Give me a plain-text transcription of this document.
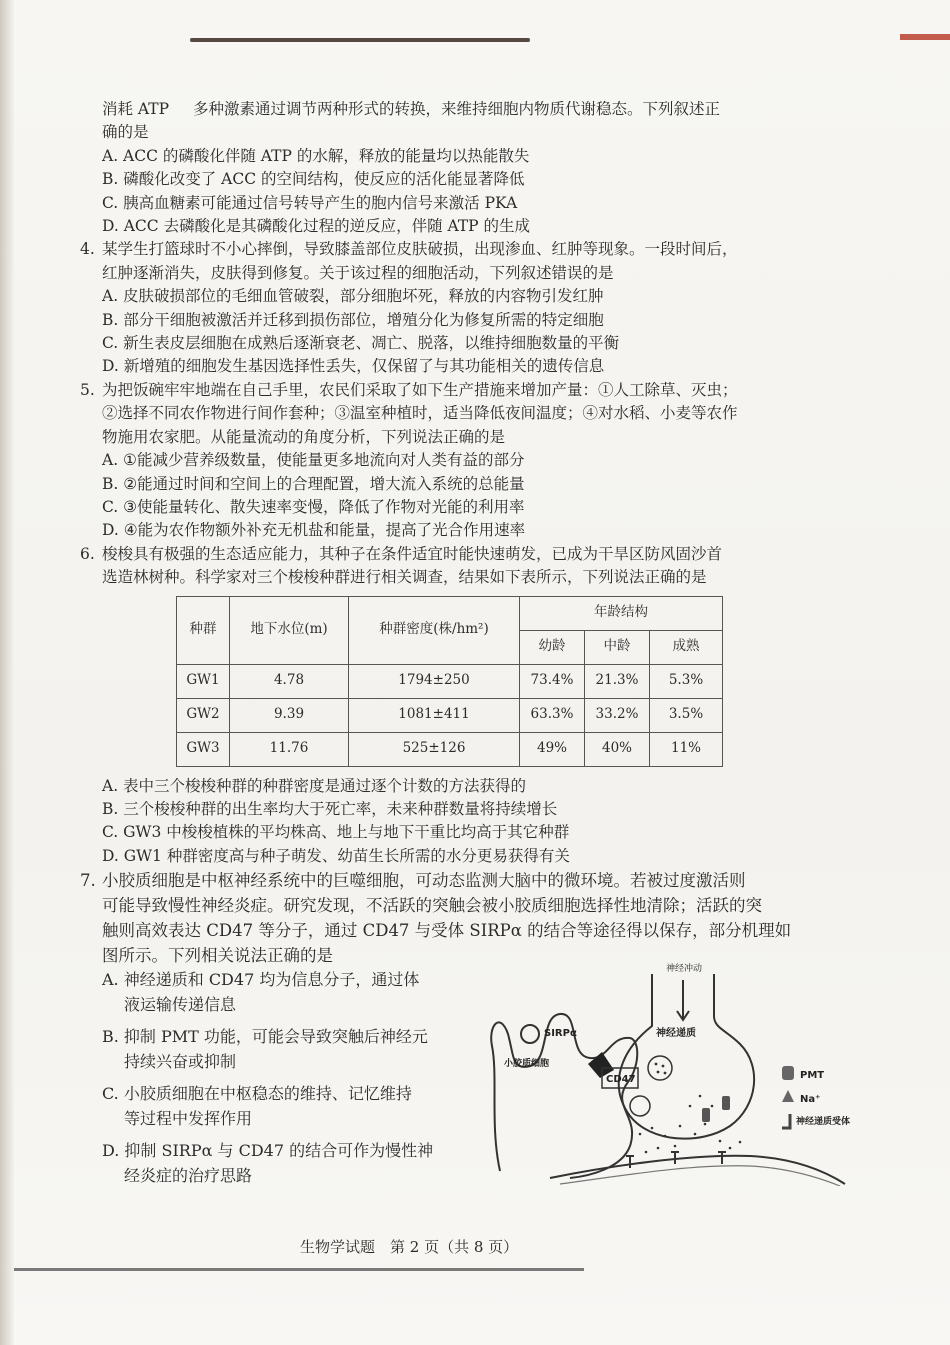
消耗 ATP 多种激素通过调节两种形式的转换，来维持细胞内物质代谢稳态。下列叙述正
确的是
A. ACC 的磷酸化伴随 ATP 的水解，释放的能量均以热能散失
B. 磷酸化改变了 ACC 的空间结构，使反应的活化能显著降低
C. 胰高血糖素可能通过信号转导产生的胞内信号来激活 PKA
D. ACC 去磷酸化是其磷酸化过程的逆反应，伴随 ATP 的生成
4. 某学生打篮球时不小心摔倒，导致膝盖部位皮肤破损，出现渗血、红肿等现象。一段时间后，
红肿逐渐消失，皮肤得到修复。关于该过程的细胞活动，下列叙述错误的是
A. 皮肤破损部位的毛细血管破裂，部分细胞坏死，释放的内容物引发红肿
B. 部分干细胞被激活并迁移到损伤部位，增殖分化为修复所需的特定细胞
C. 新生表皮层细胞在成熟后逐渐衰老、凋亡、脱落，以维持细胞数量的平衡
D. 新增殖的细胞发生基因选择性丢失，仅保留了与其功能相关的遗传信息
5. 为把饭碗牢牢地端在自己手里，农民们采取了如下生产措施来增加产量：①人工除草、灭虫；
②选择不同农作物进行间作套种；③温室种植时，适当降低夜间温度；④对水稻、小麦等农作
物施用农家肥。从能量流动的角度分析，下列说法正确的是
A. ①能减少营养级数量，使能量更多地流向对人类有益的部分
B. ②能通过时间和空间上的合理配置，增大流入系统的总能量
C. ③使能量转化、散失速率变慢，降低了作物对光能的利用率
D. ④能为农作物额外补充无机盐和能量，提高了光合作用速率
6. 梭梭具有极强的生态适应能力，其种子在条件适宜时能快速萌发，已成为干旱区防风固沙首
选造林树种。科学家对三个梭梭种群进行相关调查，结果如下表所示，下列说法正确的是
种群	地下水位(m)	种群密度(株/hm²)	年龄结构		
			幼龄	中龄	成熟
GW1	4.78	1794±250	73.4%	21.3%	5.3%
GW2	9.39	1081±411	63.3%	33.2%	3.5%
GW3	11.76	525±126	49%	40%	11%
A. 表中三个梭梭种群的种群密度是通过逐个计数的方法获得的
B. 三个梭梭种群的出生率均大于死亡率，未来种群数量将持续增长
C. GW3 中梭梭植株的平均株高、地上与地下干重比均高于其它种群
D. GW1 种群密度高与种子萌发、幼苗生长所需的水分更易获得有关
7. 小胶质细胞是中枢神经系统中的巨噬细胞，可动态监测大脑中的微环境。若被过度激活则
可能导致慢性神经炎症。研究发现，不活跃的突触会被小胶质细胞选择性地清除；活跃的突
触则高效表达 CD47 等分子，通过 CD47 与受体 SIRPα 的结合等途径得以保存，部分机理如
图所示。下列相关说法正确的是
A. 神经递质和 CD47 均为信息分子，通过体
液运输传递信息
B. 抑制 PMT 功能，可能会导致突触后神经元
持续兴奋或抑制
C. 小胶质细胞在中枢稳态的维持、记忆维持
等过程中发挥作用
D. 抑制 SIRPα 与 CD47 的结合可作为慢性神
经炎症的治疗思路
神经冲动
神经递质
SIRPα
小胶质细胞
CD47	PMT
Na⁺
神经递质受体
生物学试题　第 2 页（共 8 页）
